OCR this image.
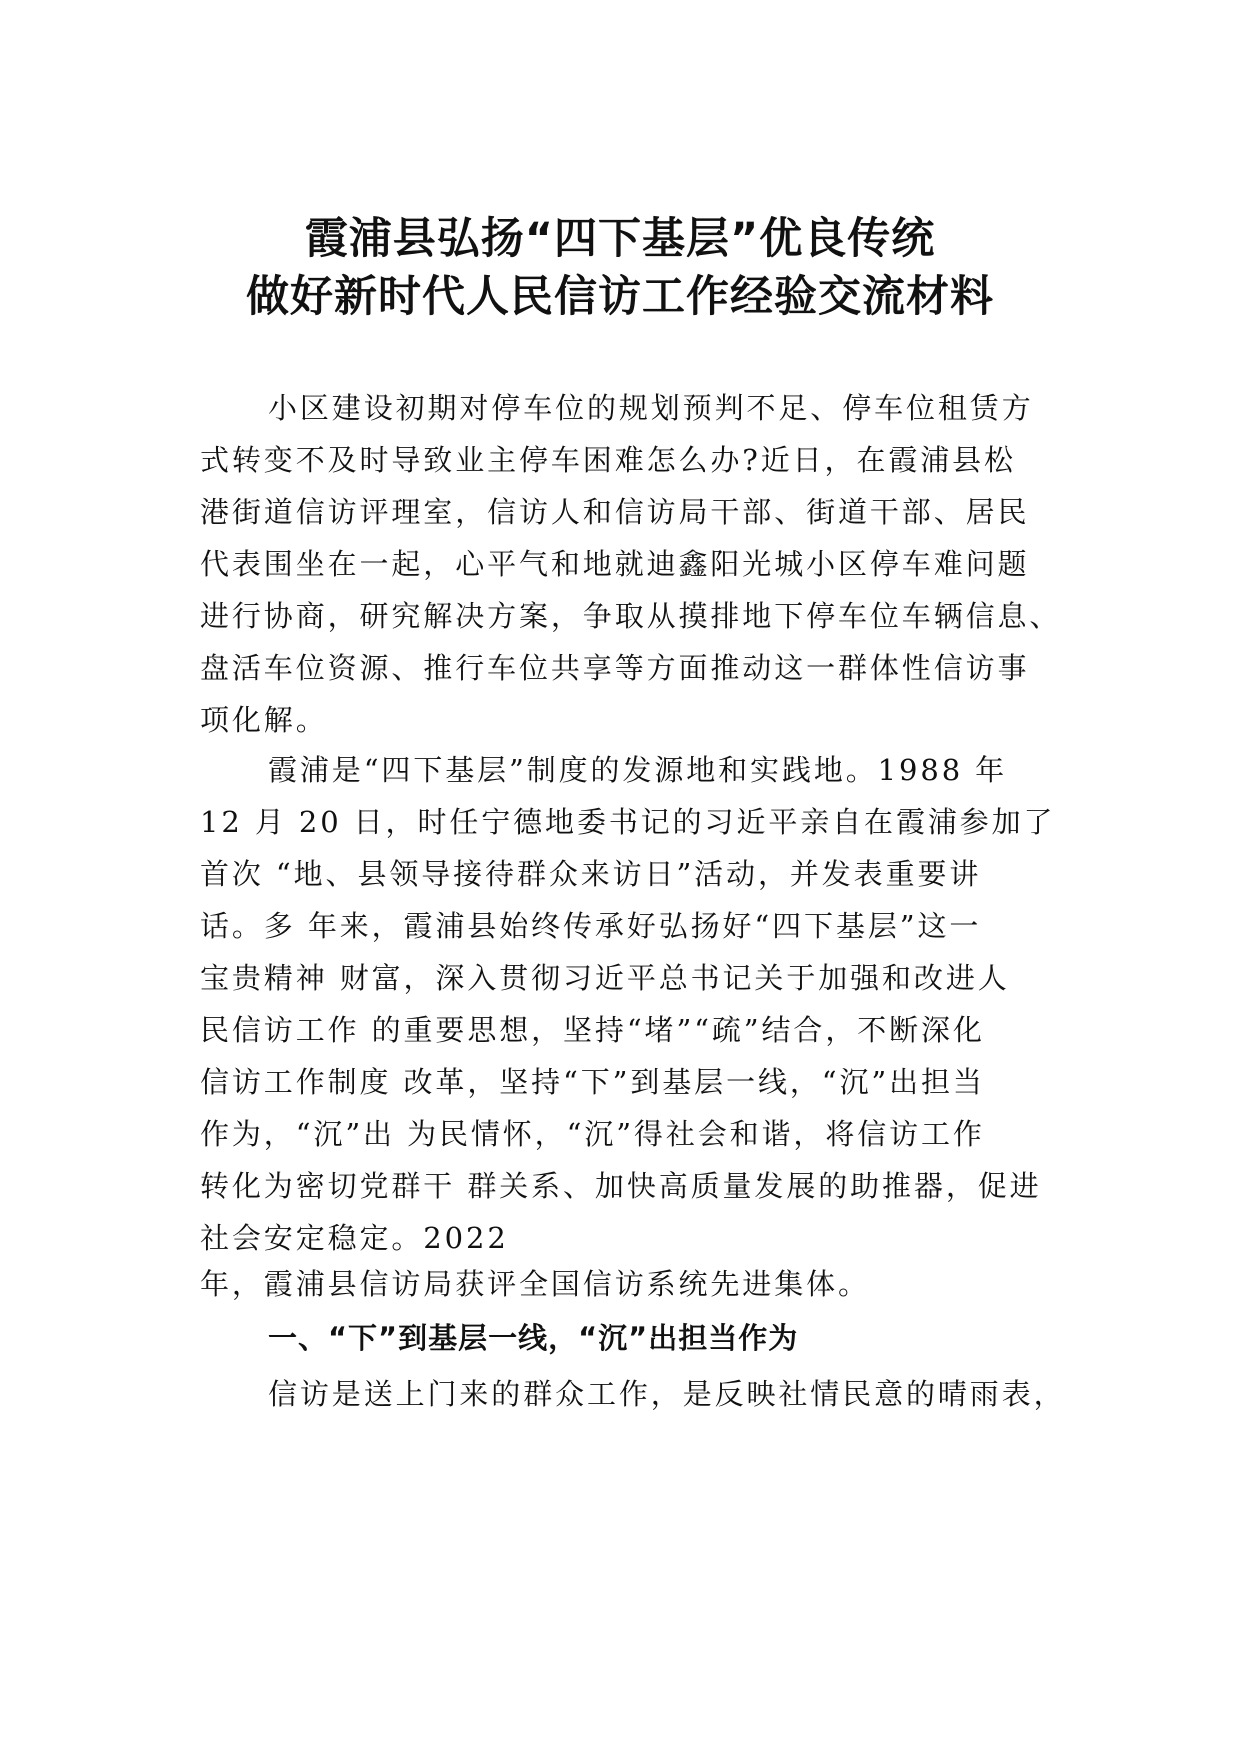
霞浦县弘扬“四下基层”优良传统
做好新时代人民信访工作经验交流材料
小区建设初期对停车位的规划预判不足、停车位租赁方
式转变不及时导致业主停车困难怎么办?近日，在霞浦县松
港街道信访评理室，信访人和信访局干部、街道干部、居民
代表围坐在一起，心平气和地就迪鑫阳光城小区停车难问题
进行协商，研究解决方案，争取从摸排地下停车位车辆信息、
盘活车位资源、推行车位共享等方面推动这一群体性信访事
项化解。
霞浦是“四下基层”制度的发源地和实践地。1988 年
12 月 20 日，时任宁德地委书记的习近平亲自在霞浦参加了
首次 “地、县领导接待群众来访日”活动，并发表重要讲
话。多 年来，霞浦县始终传承好弘扬好“四下基层”这一
宝贵精神 财富，深入贯彻习近平总书记关于加强和改进人
民信访工作 的重要思想，坚持“堵”“疏”结合，不断深化
信访工作制度 改革，坚持“下”到基层一线，“沉”出担当
作为，“沉”出 为民情怀，“沉”得社会和谐，将信访工作
转化为密切党群干 群关系、加快高质量发展的助推器，促进
社会安定稳定。2022
年，霞浦县信访局获评全国信访系统先进集体。
一、“下”到基层一线，“沉”出担当作为
信访是送上门来的群众工作，是反映社情民意的晴雨表，
